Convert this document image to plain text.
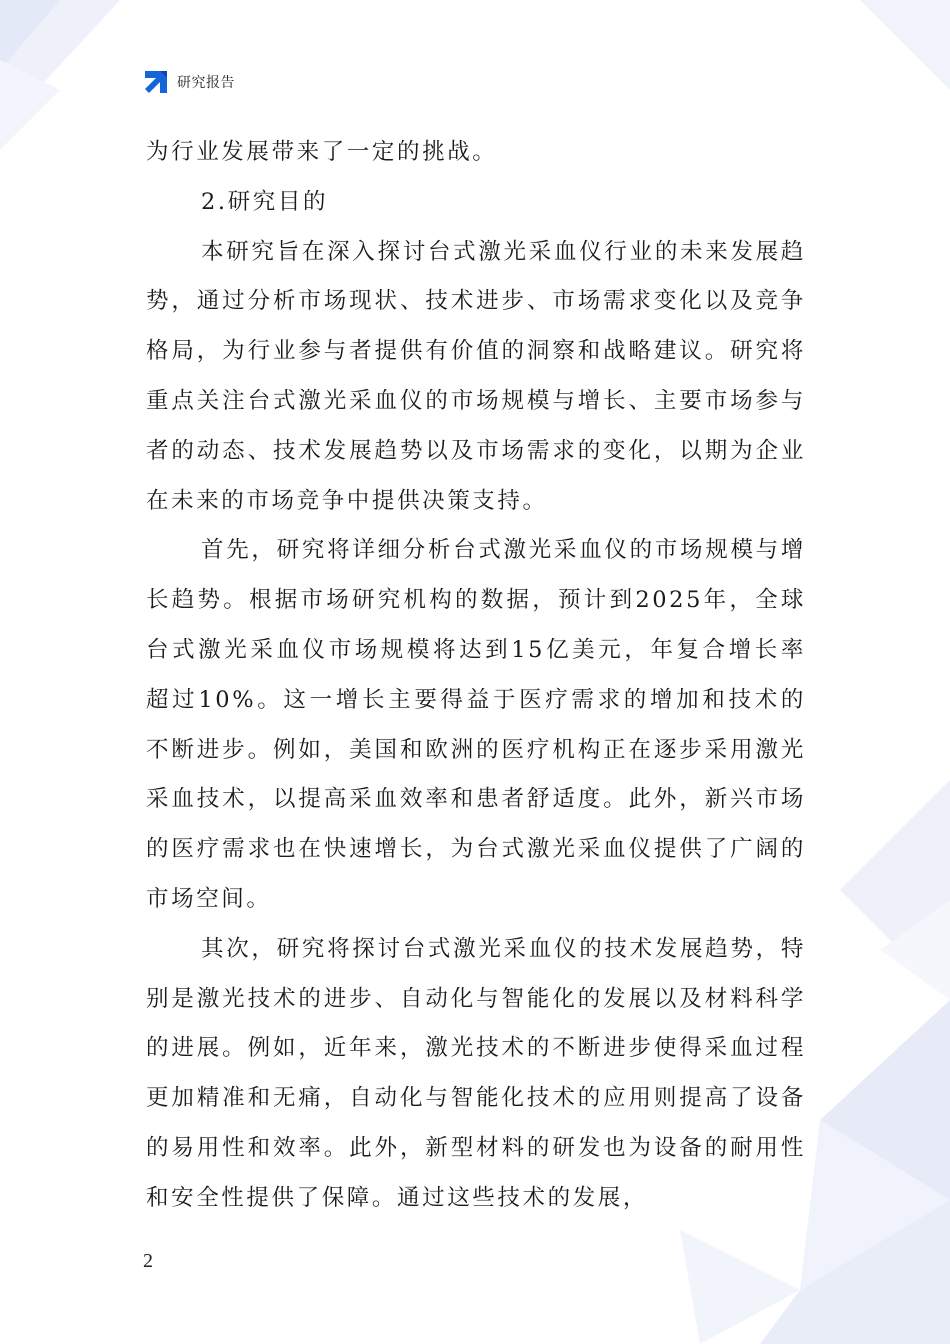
研究报告

为行业发展带来了一定的挑战。

2.研究目的

本研究旨在深入探讨台式激光采血仪行业的未来发展趋势，通过分析市场现状、技术进步、市场需求变化以及竞争格局，为行业参与者提供有价值的洞察和战略建议。研究将重点关注台式激光采血仪的市场规模与增长、主要市场参与者的动态、技术发展趋势以及市场需求的变化，以期为企业在未来的市场竞争中提供决策支持。

首先，研究将详细分析台式激光采血仪的市场规模与增长趋势。根据市场研究机构的数据，预计到2025年，全球台式激光采血仪市场规模将达到15亿美元，年复合增长率超过10%。这一增长主要得益于医疗需求的增加和技术的不断进步。例如，美国和欧洲的医疗机构正在逐步采用激光采血技术，以提高采血效率和患者舒适度。此外，新兴市场的医疗需求也在快速增长，为台式激光采血仪提供了广阔的市场空间。

其次，研究将探讨台式激光采血仪的技术发展趋势，特别是激光技术的进步、自动化与智能化的发展以及材料科学的进展。例如，近年来，激光技术的不断进步使得采血过程更加精准和无痛，自动化与智能化技术的应用则提高了设备的易用性和效率。此外，新型材料的研发也为设备的耐用性和安全性提供了保障。通过这些技术的发展，

2
